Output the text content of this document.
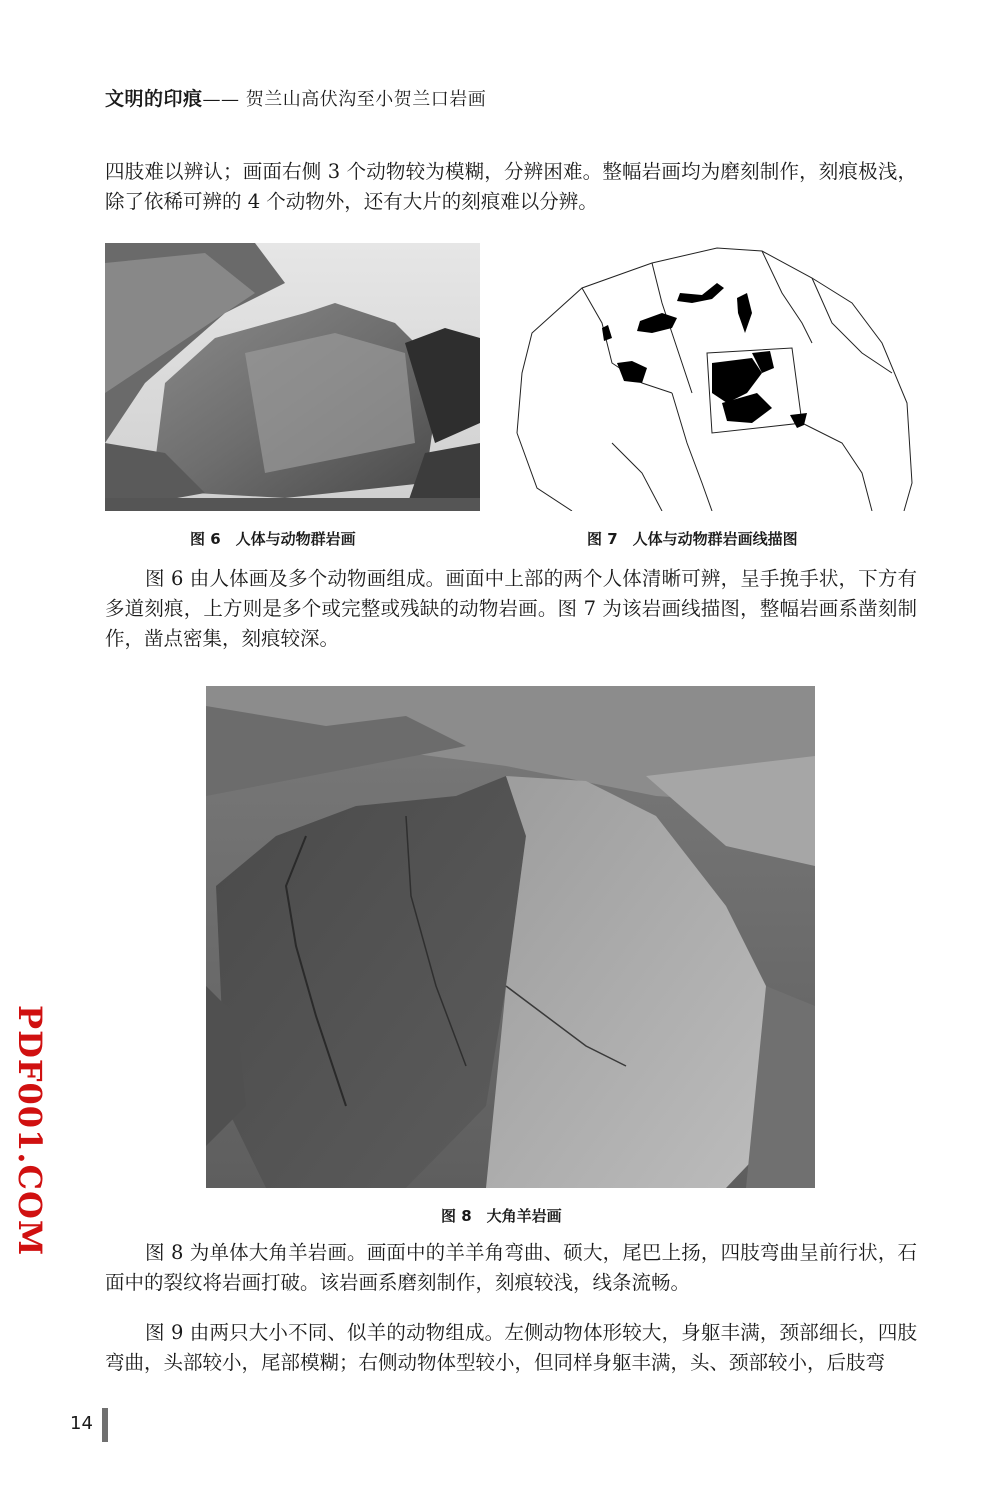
文明的印痕—— 贺兰山高伏沟至小贺兰口岩画

四肢难以辨认；画面右侧 3 个动物较为模糊，分辨困难。整幅岩画均为磨刻制作，刻痕极浅，除了依稀可辨的 4 个动物外，还有大片的刻痕难以分辨。

图 6　人体与动物群岩画	图 7　人体与动物群岩画线描图

图 6 由人体画及多个动物画组成。画面中上部的两个人体清晰可辨，呈手挽手状，下方有多道刻痕，上方则是多个或完整或残缺的动物岩画。图 7 为该岩画线描图，整幅岩画系凿刻制作，凿点密集，刻痕较深。

图 8　大角羊岩画

图 8 为单体大角羊岩画。画面中的羊羊角弯曲、硕大，尾巴上扬，四肢弯曲呈前行状，石面中的裂纹将岩画打破。该岩画系磨刻制作，刻痕较浅，线条流畅。

图 9 由两只大小不同、似羊的动物组成。左侧动物体形较大，身躯丰满，颈部细长，四肢弯曲，头部较小，尾部模糊；右侧动物体型较小，但同样身躯丰满，头、颈部较小，后肢弯

PDF001.COM
14
